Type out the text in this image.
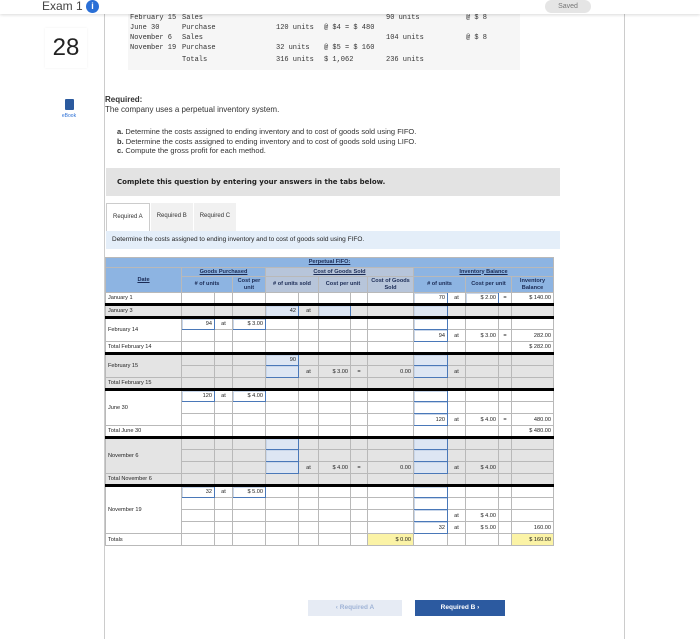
Exam 1 i	Saved
28
February 15 Sales	90 units	@ $ 8
June 30	Purchase	120 units @ $4 = $ 480
November 6 Sales	104 units	@ $ 8
November 19 Purchase	32 units @ $5 = $ 160
Totals	316 units $ 1,062	236 units
eBook
Required:
The company uses a perpetual inventory system.
a. Determine the costs assigned to ending inventory and to cost of goods sold using FIFO.
b. Determine the costs assigned to ending inventory and to cost of goods sold using LIFO.
c. Compute the gross profit for each method.
Complete this question by entering your answers in the tabs below.
Required A	Required B	Required C
Determine the costs assigned to ending inventory and to cost of goods sold using FIFO.
Perpetual FIFO:													
Date	Goods Purchased			Cost of Goods Sold					Inventory Balance				
	# of units		Cost per unit	# of units sold		Cost per unit		Cost of Goods Sold	# of units		Cost per unit		Inventory Balance
January 1									70	at	$ 2.00	=	$ 140.00
January 3				42	at								
February 14	94	at	$ 3.00										
									94	at	$ 3.00	=	282.00
Total February 14													$ 282.00
February 15				90									
					at	$ 3.00	=	0.00		at			
Total February 15													
June 30	120	at	$ 4.00										

									120	at	$ 4.00	=	480.00
Total June 30													$ 480.00
November 6													

					at	$ 4.00	=	0.00		at	$ 4.00		
Total November 6													
November 19	32	at	$ 5.00										

										at	$ 4.00		
									32	at	$ 5.00		160.00
Totals								$ 0.00					$ 160.00
‹ Required A	Required B ›
